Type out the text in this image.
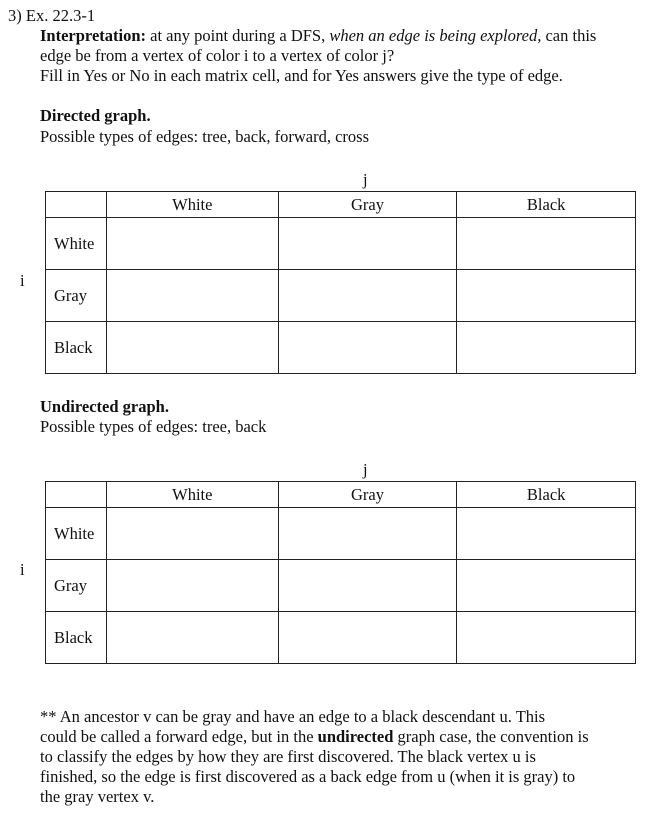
3) Ex. 22.3-1
Interpretation: at any point during a DFS, when an edge is being explored, can this
edge be from a vertex of color i to a vertex of color j?
Fill in Yes or No in each matrix cell, and for Yes answers give the type of edge.
Directed graph.
Possible types of edges: tree, back, forward, cross
j
i
	White	Gray	Black
White			
Gray			
Black			
Undirected graph.
Possible types of edges: tree, back
j
i
	White	Gray	Black
White			
Gray			
Black			
** An ancestor v can be gray and have an edge to a black descendant u. This
could be called a forward edge, but in the undirected graph case, the convention is
to classify the edges by how they are first discovered. The black vertex u is
finished, so the edge is first discovered as a back edge from u (when it is gray) to
the gray vertex v.
